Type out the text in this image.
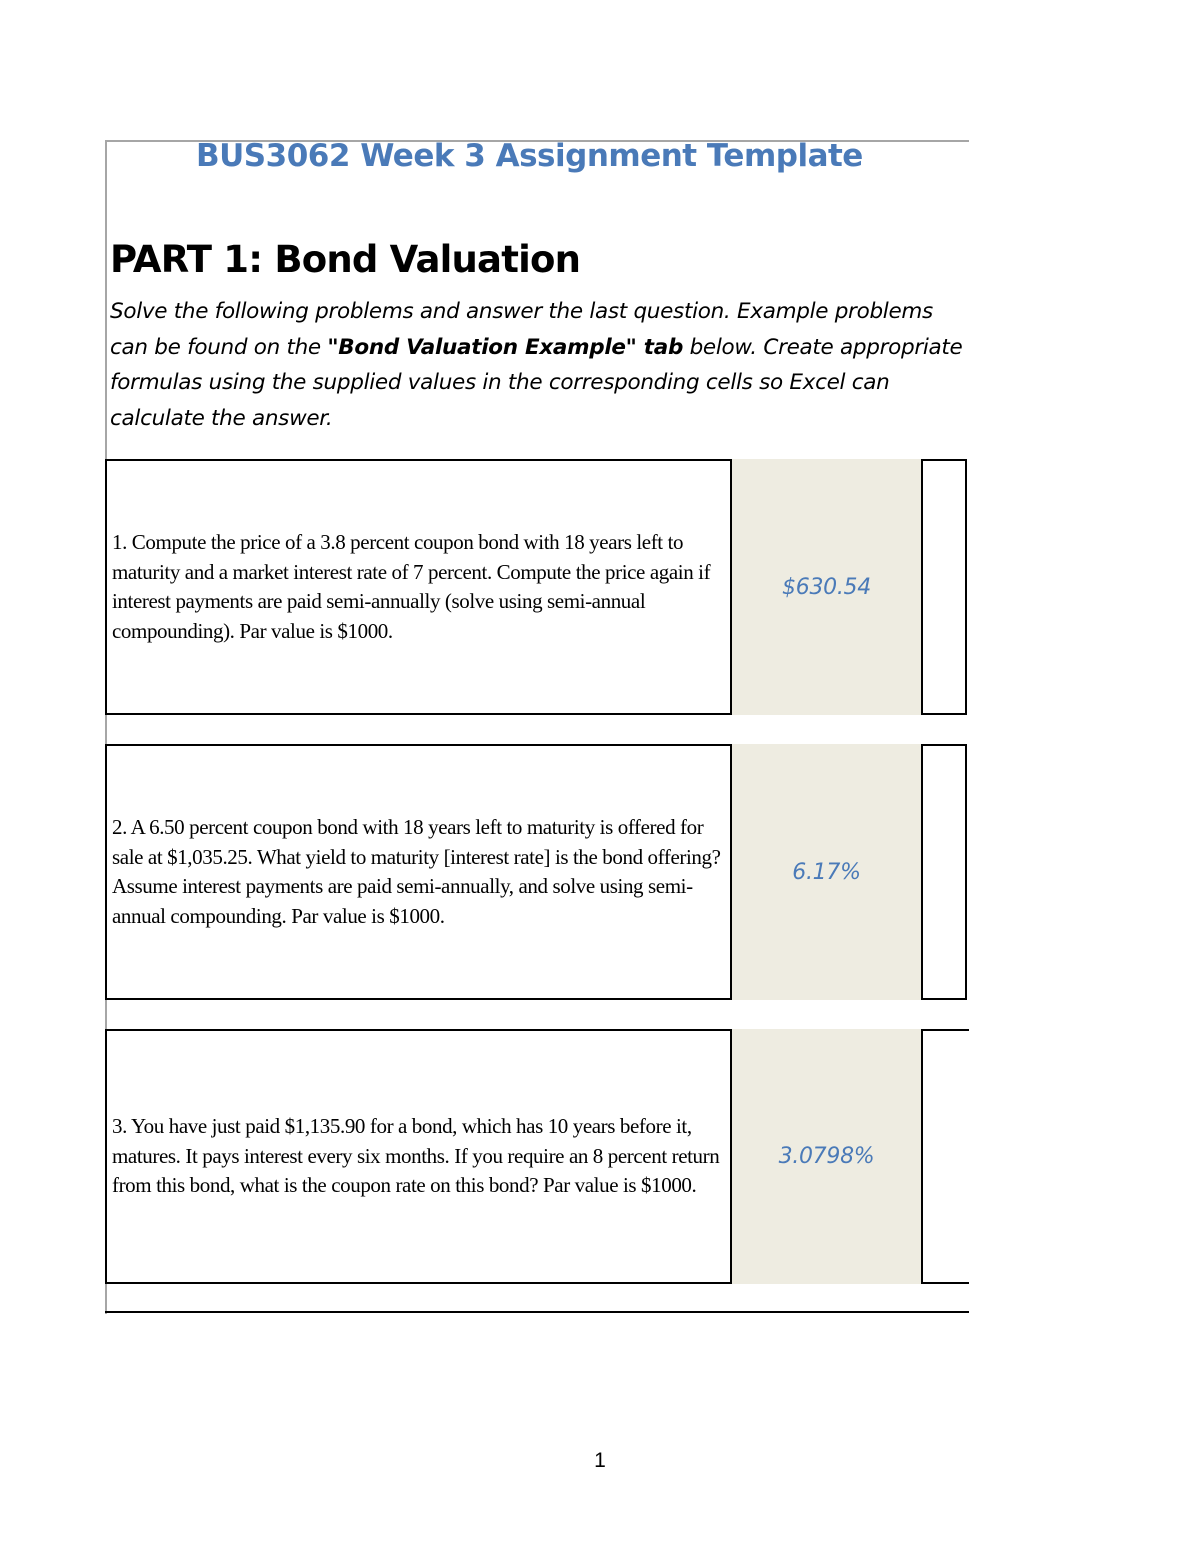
BUS3062 Week 3 Assignment Template
PART 1: Bond Valuation
Solve the following problems and answer the last question. Example problems can be found on the "Bond Valuation Example" tab below. Create appropriate formulas using the supplied values in the corresponding cells so Excel can calculate the answer.
1. Compute the price of a 3.8 percent coupon bond with 18 years left to maturity and a market interest rate of 7 percent. Compute the price again if interest payments are paid semi-annually (solve using semi-annual compounding). Par value is $1000.
$630.54
2. A 6.50 percent coupon bond with 18 years left to maturity is offered for sale at $1,035.25. What yield to maturity [interest rate] is the bond offering? Assume interest payments are paid semi-annually, and solve using semi-annual compounding. Par value is $1000.
6.17%
3. You have just paid $1,135.90 for a bond, which has 10 years before it, matures. It pays interest every six months. If you require an 8 percent return from this bond, what is the coupon rate on this bond? Par value is $1000.
3.0798%
1
